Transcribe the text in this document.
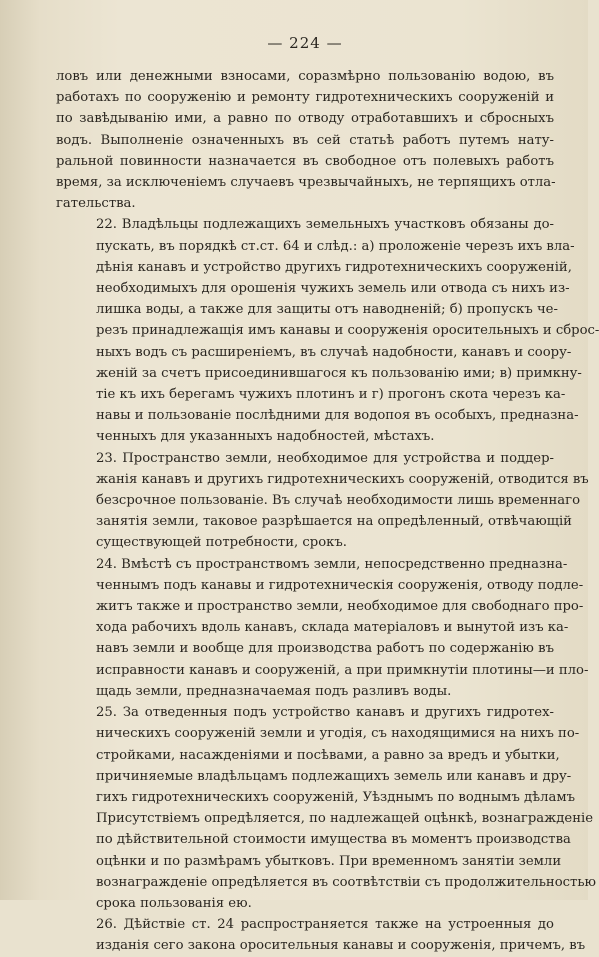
— 224 —
ловъ или денежными взносами, соразмѣрно пользованію водою, въ
работахъ по сооруженію и ремонту гидротехническихъ сооруженій и
по завѣдыванію ими, а равно по отводу отработавшихъ и сбросныхъ
водъ. Выполненіе означенныхъ въ сей статьѣ работъ путемъ нату-
ральной повинности назначается въ свободное отъ полевыхъ работъ
время, за исключеніемъ случаевъ чрезвычайныхъ, не терпящихъ отла-
гательства.
22. Владѣльцы подлежащихъ земельныхъ участковъ обязаны до-
пускать, въ порядкѣ ст.ст. 64 и слѣд.: а) проложеніе черезъ ихъ вла-
дѣнія канавъ и устройство другихъ гидротехническихъ сооруженій,
необходимыхъ для орошенія чужихъ земель или отвода съ нихъ из-
лишка воды, а также для защиты отъ наводненій; б) пропускъ че-
резъ принадлежащія имъ канавы и сооруженія оросительныхъ и сброс-
ныхъ водъ съ расширеніемъ, въ случаѣ надобности, канавъ и соору-
женій за счетъ присоединившагося къ пользованію ими; в) примкну-
тіе къ ихъ берегамъ чужихъ плотинъ и г) прогонъ скота черезъ ка-
навы и пользованіе послѣдними для водопоя въ особыхъ, предназна-
ченныхъ для указанныхъ надобностей, мѣстахъ.
23. Пространство земли, необходимое для устройства и поддер-
жанія канавъ и другихъ гидротехническихъ сооруженій, отводится въ
безсрочное пользованіе. Въ случаѣ необходимости лишь временнаго
занятія земли, таковое разрѣшается на опредѣленный, отвѣчающій
существующей потребности, срокъ.
24. Вмѣстѣ съ пространствомъ земли, непосредственно предназна-
ченнымъ подъ канавы и гидротехническія сооруженія, отводу подле-
житъ также и пространство земли, необходимое для свободнаго про-
хода рабочихъ вдоль канавъ, склада матеріаловъ и вынутой изъ ка-
навъ земли и вообще для производства работъ по содержанію въ
исправности канавъ и сооруженій, а при примкнутіи плотины—и пло-
щадь земли, предназначаемая подъ разливъ воды.
25. За отведенныя подъ устройство канавъ и другихъ гидротех-
ническихъ сооруженій земли и угодія, съ находящимися на нихъ по-
стройками, насажденіями и посѣвами, а равно за вредъ и убытки,
причиняемые владѣльцамъ подлежащихъ земель или канавъ и дру-
гихъ гидротехническихъ сооруженій, Уѣзднымъ по воднымъ дѣламъ
Присутствіемъ опредѣляется, по надлежащей оцѣнкѣ, вознагражденіе
по дѣйствительной стоимости имущества въ моментъ производства
оцѣнки и по размѣрамъ убытковъ. При временномъ занятіи земли
вознагражденіе опредѣляется въ соотвѣтствіи съ продолжительностью
срока пользованія ею.
26. Дѣйствіе ст. 24 распространяется также на устроенныя до
изданія сего закона оросительныя канавы и сооруженія, причемъ, въ
